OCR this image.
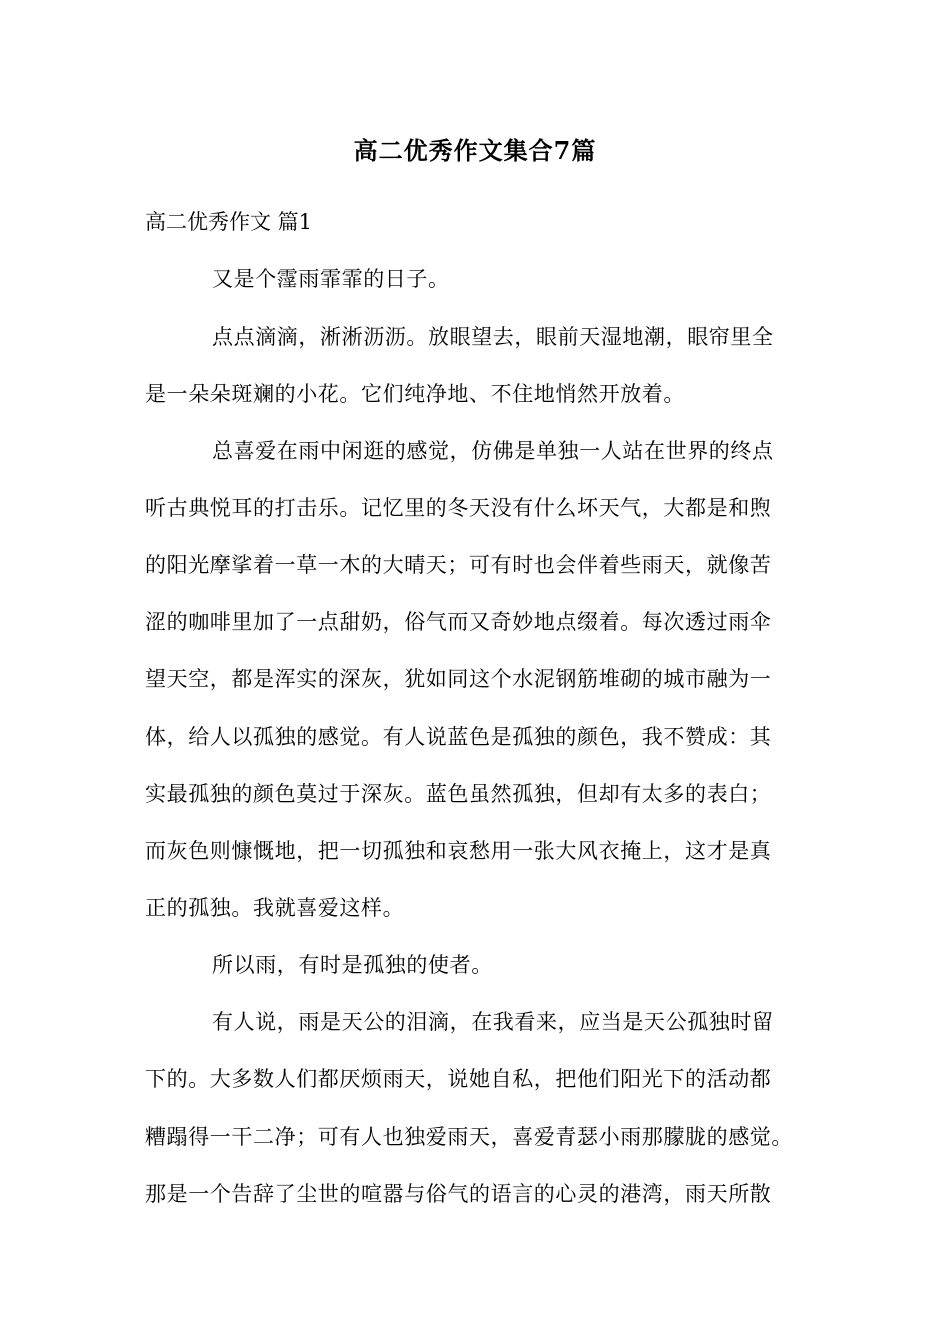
高二优秀作文集合7篇
高二优秀作文 篇1
又是个霪雨霏霏的日子。
点点滴滴，淅淅沥沥。放眼望去，眼前天湿地潮，眼帘里全
是一朵朵斑斓的小花。它们纯净地、不住地悄然开放着。
总喜爱在雨中闲逛的感觉，仿佛是单独一人站在世界的终点
听古典悦耳的打击乐。记忆里的冬天没有什么坏天气，大都是和煦
的阳光摩挲着一草一木的大晴天；可有时也会伴着些雨天，就像苦
涩的咖啡里加了一点甜奶，俗气而又奇妙地点缀着。每次透过雨伞
望天空，都是浑实的深灰，犹如同这个水泥钢筋堆砌的城市融为一
体，给人以孤独的感觉。有人说蓝色是孤独的颜色，我不赞成：其
实最孤独的颜色莫过于深灰。蓝色虽然孤独，但却有太多的表白；
而灰色则慷慨地，把一切孤独和哀愁用一张大风衣掩上，这才是真
正的孤独。我就喜爱这样。
所以雨，有时是孤独的使者。
有人说，雨是天公的泪滴，在我看来，应当是天公孤独时留
下的。大多数人们都厌烦雨天，说她自私，把他们阳光下的活动都
糟蹋得一干二净；可有人也独爱雨天，喜爱青瑟小雨那朦胧的感觉。
那是一个告辞了尘世的喧嚣与俗气的语言的心灵的港湾，雨天所散
